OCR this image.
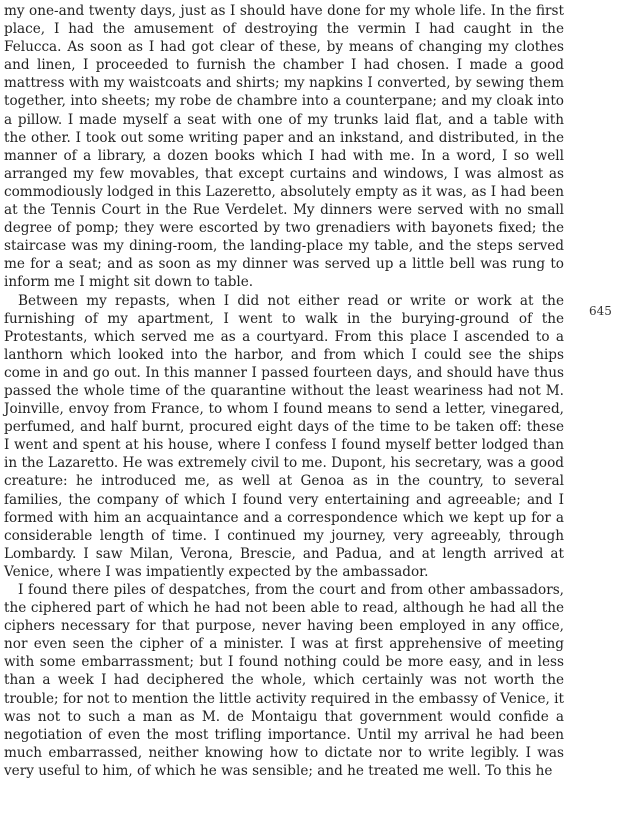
my one-and twenty days, just as I should have done for my whole life. In the first place, I had the amusement of destroying the vermin I had caught in the Felucca. As soon as I had got clear of these, by means of changing my clothes and linen, I proceeded to furnish the chamber I had chosen. I made a good mattress with my waistcoats and shirts; my napkins I converted, by sewing them together, into sheets; my robe de chambre into a counterpane; and my cloak into a pillow. I made myself a seat with one of my trunks laid flat, and a table with the other. I took out some writing paper and an inkstand, and distributed, in the manner of a library, a dozen books which I had with me. In a word, I so well arranged my few movables, that except curtains and windows, I was almost as commodiously lodged in this Lazeretto, absolutely empty as it was, as I had been at the Tennis Court in the Rue Verdelet. My dinners were served with no small degree of pomp; they were escorted by two grenadiers with bayonets fixed; the staircase was my dining-room, the landing-place my table, and the steps served me for a seat; and as soon as my dinner was served up a little bell was rung to inform me I might sit down to table.

Between my repasts, when I did not either read or write or work at the furnishing of my apartment, I went to walk in the burying-ground of the Protestants, which served me as a courtyard. From this place I ascended to a lanthorn which looked into the harbor, and from which I could see the ships come in and go out. In this manner I passed fourteen days, and should have thus passed the whole time of the quarantine without the least weariness had not M. Joinville, envoy from France, to whom I found means to send a letter, vinegared, perfumed, and half burnt, procured eight days of the time to be taken off: these I went and spent at his house, where I confess I found myself better lodged than in the Lazaretto. He was extremely civil to me. Dupont, his secretary, was a good creature: he introduced me, as well at Genoa as in the country, to several families, the company of which I found very entertaining and agreeable; and I formed with him an acquaintance and a correspondence which we kept up for a considerable length of time. I continued my journey, very agreeably, through Lombardy. I saw Milan, Verona, Brescie, and Padua, and at length arrived at Venice, where I was impatiently expected by the ambassador.

I found there piles of despatches, from the court and from other ambassadors, the ciphered part of which he had not been able to read, although he had all the ciphers necessary for that purpose, never having been employed in any office, nor even seen the cipher of a minister. I was at first apprehensive of meeting with some embarrassment; but I found nothing could be more easy, and in less than a week I had deciphered the whole, which certainly was not worth the trouble; for not to mention the little activity required in the embassy of Venice, it was not to such a man as M. de Montaigu that government would confide a negotiation of even the most trifling importance. Until my arrival he had been much embarrassed, neither knowing how to dictate nor to write legibly. I was very useful to him, of which he was sensible; and he treated me well. To this he

645
